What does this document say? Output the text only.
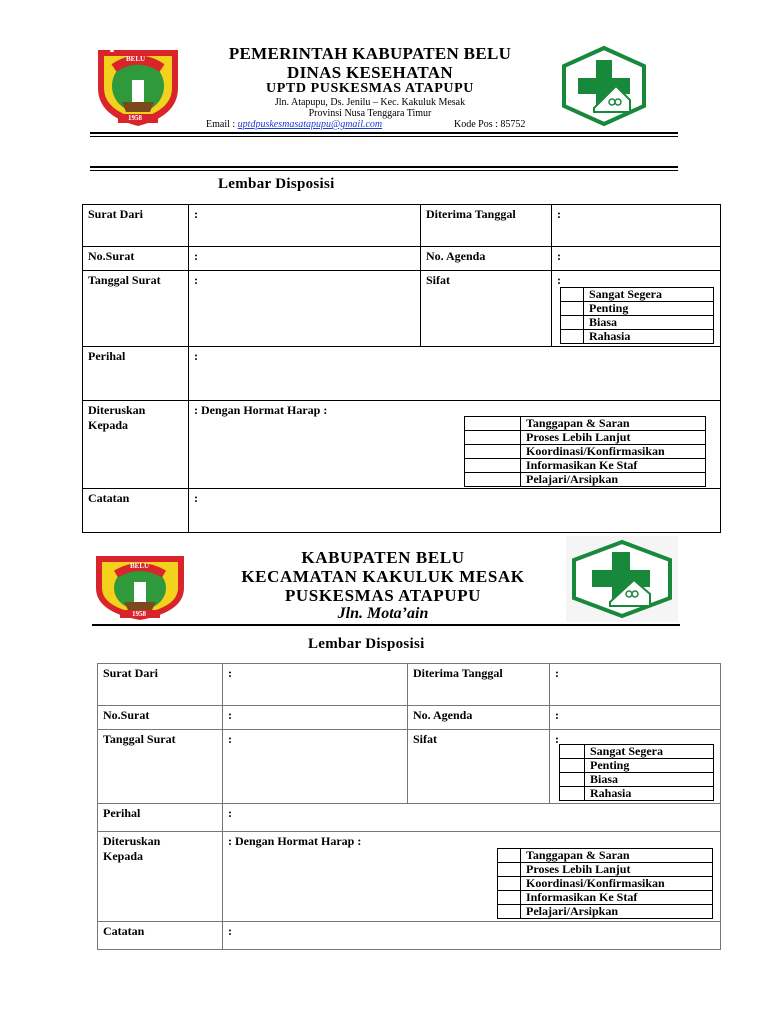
BELU
1958
PEMERINTAH KABUPATEN BELU
DINAS KESEHATAN
UPTD PUSKESMAS ATAPUPU
Jln. Atapupu, Ds. Jenilu – Kec. Kakuluk Mesak
Provinsi Nusa Tenggara Timur
Email : uptdpuskesmasatapupu@gmail.com	Kode Pos : 85752
Lembar Disposisi
Surat Dari	:	Diterima Tanggal	:
No.Surat	:	No. Agenda	:
Tanggal Surat	:	Sifat	:
Perihal	:		
Diteruskan
Kepada	: Dengan Hormat Harap :		
Catatan	:		
	Sangat Segera
	Penting
	Biasa
	Rahasia
	Tanggapan & Saran
	Proses Lebih Lanjut
	Koordinasi/Konfirmasikan
	Informasikan Ke Staf
	Pelajari/Arsipkan
BELU
1958
KABUPATEN BELU
KECAMATAN KAKULUK MESAK
PUSKESMAS ATAPUPU
Jln. Mota’ain
Lembar Disposisi
Surat Dari	:	Diterima Tanggal	:
No.Surat	:	No. Agenda	:
Tanggal Surat	:	Sifat	:
Perihal	:		
Diteruskan
Kepada	: Dengan Hormat Harap :		
Catatan	:		
	Sangat Segera
	Penting
	Biasa
	Rahasia
	Tanggapan & Saran
	Proses Lebih Lanjut
	Koordinasi/Konfirmasikan
	Informasikan Ke Staf
	Pelajari/Arsipkan
